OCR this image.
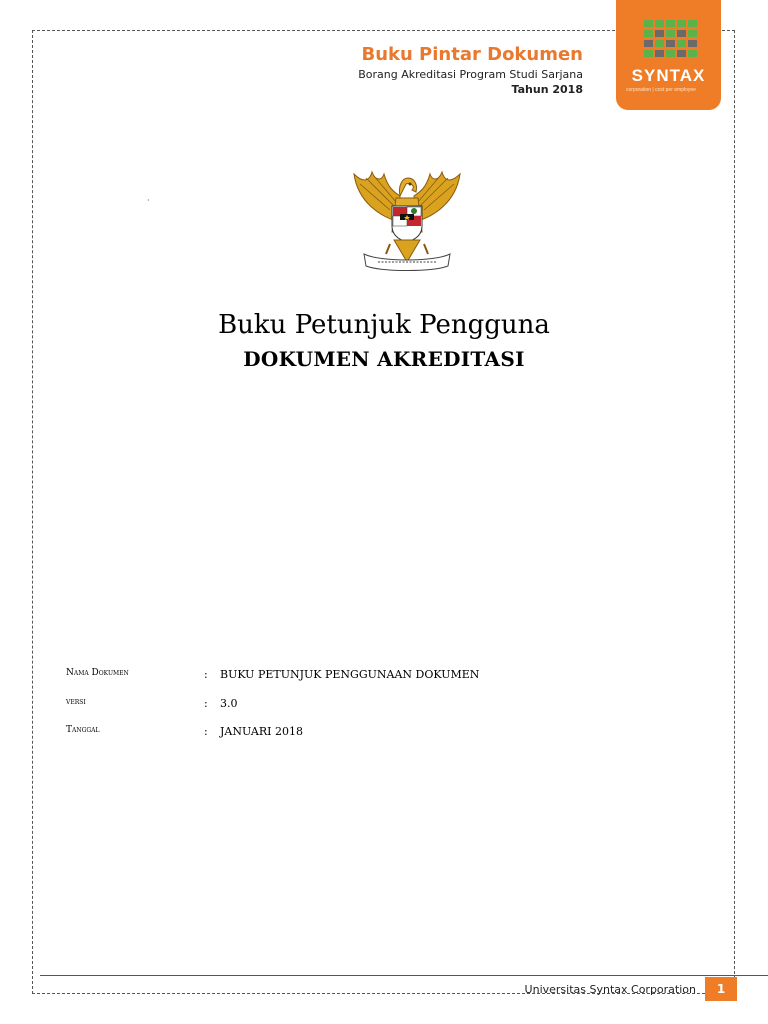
Buku Pintar Dokumen
Borang Akreditasi Program Studi Sarjana
Tahun 2018
SYNTAX
corporation | cost per employee
·
Buku Petunjuk Pengguna
DOKUMEN AKREDITASI
Nama Dokumen	: BUKU PETUNJUK PENGGUNAAN DOKUMEN
versi	: 3.0
Tanggal	: JANUARI 2018
Universitas Syntax Corporation	1
